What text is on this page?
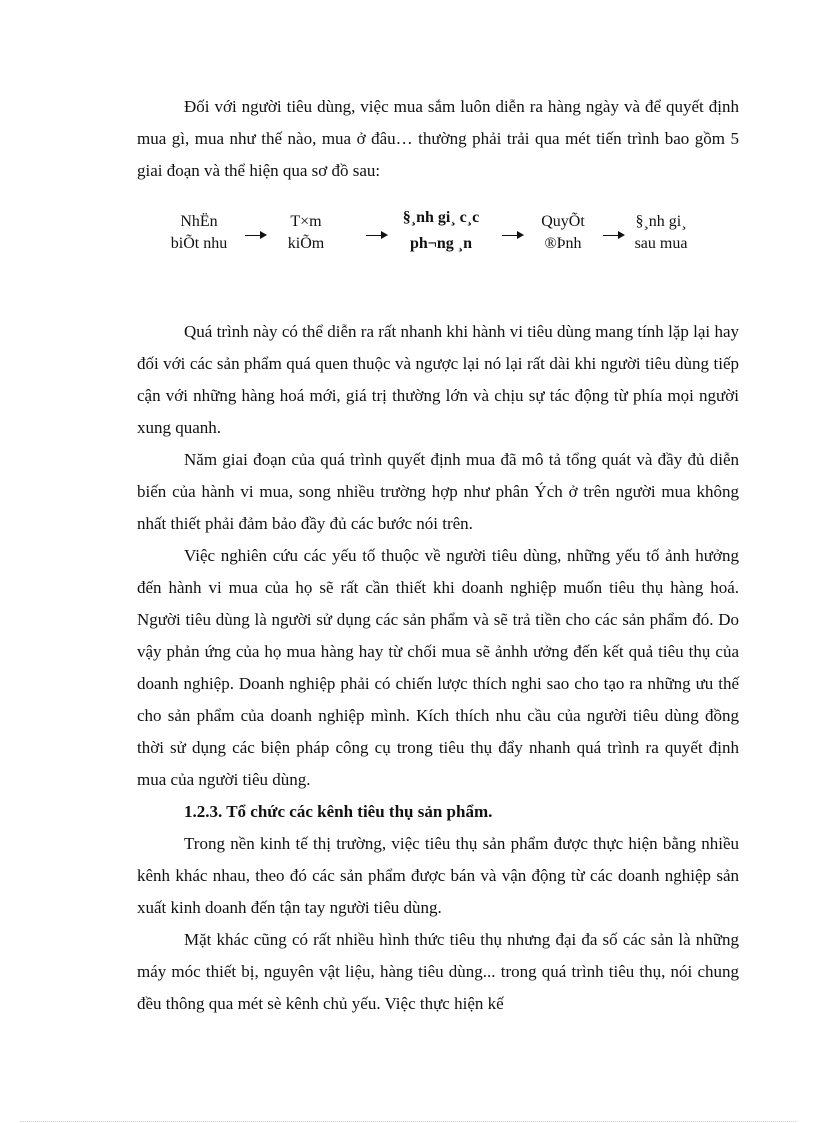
Đối với người tiêu dùng, việc mua sắm luôn diễn ra hàng ngày và để quyết định mua gì, mua như thế nào, mua ở đâu… thường phải trải qua mét tiến trình bao gồm 5 giai đoạn và thể hiện qua sơ đồ sau:

NhËn
biÕt nhu
T×m
kiÕm
§¸nh gi¸ c¸c
ph¬ng ¸n
QuyÕt
®Þnh
§¸nh gi¸
sau mua

Quá trình này có thể diễn ra rất nhanh khi hành vi tiêu dùng mang tính lặp lại hay đối với các sản phẩm quá quen thuộc và ngược lại nó lại rất dài khi người tiêu dùng tiếp cận với những hàng hoá mới, giá trị thường lớn và chịu sự tác động từ phía mọi người xung quanh.

Năm giai đoạn của quá trình quyết định mua đã mô tả tổng quát và đầy đủ diễn biến của hành vi mua, song nhiều trường hợp như phân Ých ở trên người mua không nhất thiết phải đảm bảo đầy đủ các bước nói trên.

Việc nghiên cứu các yếu tố thuộc về người tiêu dùng, những yếu tố ảnh hưởng đến hành vi mua của họ sẽ rất cần thiết khi doanh nghiệp muốn tiêu thụ hàng hoá. Người tiêu dùng là người sử dụng các sản phẩm và sẽ trả tiền cho các sản phẩm đó. Do vậy phản ứng của họ mua hàng hay từ chối mua sẽ ảnhh ưởng đến kết quả tiêu thụ của doanh nghiệp. Doanh nghiệp phải có chiến lược thích nghi sao cho tạo ra những ưu thế cho sản phẩm của doanh nghiệp mình. Kích thích nhu cầu của người tiêu dùng đồng thời sử dụng các biện pháp công cụ trong tiêu thụ đẩy nhanh quá trình ra quyết định mua của người tiêu dùng.

1.2.3. Tổ chức các kênh tiêu thụ sản phẩm.

Trong nền kinh tế thị trường, việc tiêu thụ sản phẩm được thực hiện bằng nhiều kênh khác nhau, theo đó các sản phẩm được bán và vận động từ các doanh nghiệp sản xuất kinh doanh đến tận tay người tiêu dùng.

Mặt khác cũng có rất nhiều hình thức tiêu thụ nhưng đại đa số các sản là những máy móc thiết bị, nguyên vật liệu, hàng tiêu dùng... trong quá trình tiêu thụ, nói chung đều thông qua mét sè kênh chủ yếu. Việc thực hiện kế
